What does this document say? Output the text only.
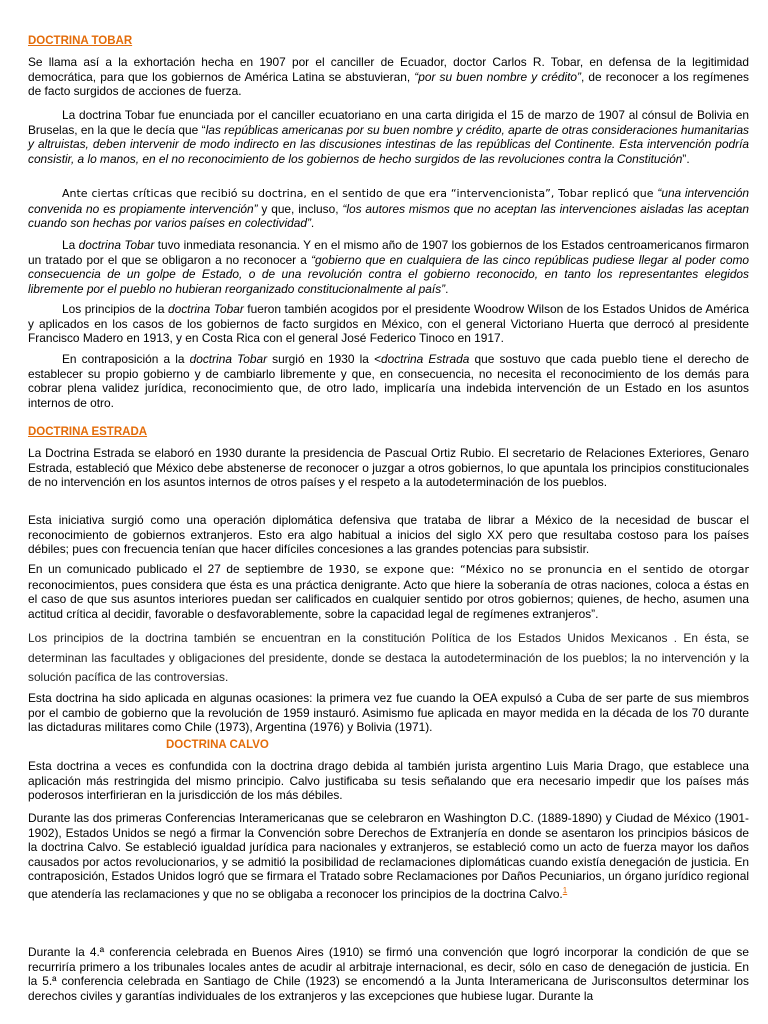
DOCTRINA TOBAR

Se llama así a la exhortación hecha en 1907 por el canciller de Ecuador, doctor Carlos R. Tobar, en defensa de la legitimidad democrática, para que los gobiernos de América Latina se abstuvieran, “por su buen nombre y crédito”, de reconocer a los regímenes de facto surgidos de acciones de fuerza.

La doctrina Tobar fue enunciada por el canciller ecuatoriano en una carta dirigida el 15 de marzo de 1907 al cónsul de Bolivia en Bruselas, en la que le decía que “las repúblicas americanas por su buen nombre y crédito, aparte de otras consideraciones humanitarias y altruistas, deben intervenir de modo indirecto en las discusiones intestinas de las repúblicas del Continente. Esta intervención podría consistir, a lo manos, en el no reconocimiento de los gobiernos de hecho surgidos de las revoluciones contra la Constitución”.

Ante ciertas críticas que recibió su doctrina, en el sentido de que era “intervencionista”, Tobar replicó que “una intervención convenida no es propiamente intervención” y que, incluso, “los autores mismos que no aceptan las intervenciones aisladas las aceptan cuando son hechas por varios países en colectividad”.

La doctrina Tobar tuvo inmediata resonancia. Y en el mismo año de 1907 los gobiernos de los Estados centroamericanos firmaron un tratado por el que se obligaron a no reconocer a “gobierno que en cualquiera de las cinco repúblicas pudiese llegar al poder como consecuencia de un golpe de Estado, o de una revolución contra el gobierno reconocido, en tanto los representantes elegidos libremente por el pueblo no hubieran reorganizado constitucionalmente al país”.

Los principios de la doctrina Tobar fueron también acogidos por el presidente Woodrow Wilson de los Estados Unidos de América y aplicados en los casos de los gobiernos de facto surgidos en México, con el general Victoriano Huerta que derrocó al presidente Francisco Madero en 1913, y en Costa Rica con el general José Federico Tinoco en 1917.

En contraposición a la doctrina Tobar surgió en 1930 la <doctrina Estrada que sostuvo que cada pueblo tiene el derecho de establecer su propio gobierno y de cambiarlo libremente y que, en consecuencia, no necesita el reconocimiento de los demás para cobrar plena validez jurídica, reconocimiento que, de otro lado, implicaría una indebida intervención de un Estado en los asuntos internos de otro.

DOCTRINA ESTRADA

La Doctrina Estrada se elaboró en 1930 durante la presidencia de Pascual Ortiz Rubio. El secretario de Relaciones Exteriores, Genaro Estrada, estableció que México debe abstenerse de reconocer o juzgar a otros gobiernos, lo que apuntala los principios constitucionales de no intervención en los asuntos internos de otros países y el respeto a la autodeterminación de los pueblos.

Esta iniciativa surgió como una operación diplomática defensiva que trataba de librar a México de la necesidad de buscar el reconocimiento de gobiernos extranjeros. Esto era algo habitual a inicios del siglo XX pero que resultaba costoso para los países débiles; pues con frecuencia tenían que hacer difíciles concesiones a las grandes potencias para subsistir.

En un comunicado publicado el 27 de septiembre de 1930, se expone que: “México no se pronuncia en el sentido de otorgar reconocimientos, pues considera que ésta es una práctica denigrante. Acto que hiere la soberanía de otras naciones, coloca a éstas en el caso de que sus asuntos interiores puedan ser calificados en cualquier sentido por otros gobiernos; quienes, de hecho, asumen una actitud crítica al decidir, favorable o desfavorablemente, sobre la capacidad legal de regímenes extranjeros”.

Los principios de la doctrina también se encuentran en la constitución Política de los Estados Unidos Mexicanos . En ésta, se determinan las facultades y obligaciones del presidente, donde se destaca la autodeterminación de los pueblos; la no intervención y la solución pacífica de las controversias.

Esta doctrina ha sido aplicada en algunas ocasiones: la primera vez fue cuando la OEA expulsó a Cuba de ser parte de sus miembros por el cambio de gobierno que la revolución de 1959 instauró. Asimismo fue aplicada en mayor medida en la década de los 70 durante las dictaduras militares como Chile (1973), Argentina (1976) y Bolivia (1971).

DOCTRINA CALVO

Esta doctrina a veces es confundida con la doctrina drago debida al también jurista argentino Luis Maria Drago, que establece una aplicación más restringida del mismo principio. Calvo justificaba su tesis señalando que era necesario impedir que los países más poderosos interfirieran en la jurisdicción de los más débiles.

Durante las dos primeras Conferencias Interamericanas que se celebraron en Washington D.C. (1889-1890) y Ciudad de México (1901-1902), Estados Unidos se negó a firmar la Convención sobre Derechos de Extranjería en donde se asentaron los principios básicos de la doctrina Calvo. Se estableció igualdad jurídica para nacionales y extranjeros, se estableció como un acto de fuerza mayor los daños causados por actos revolucionarios, y se admitió la posibilidad de reclamaciones diplomáticas cuando existía denegación de justicia. En contraposición, Estados Unidos logró que se firmara el Tratado sobre Reclamaciones por Daños Pecuniarios, un órgano jurídico regional que atendería las reclamaciones y que no se obligaba a reconocer los principios de la doctrina Calvo.$^1$

Durante la 4.ª conferencia celebrada en Buenos Aires (1910) se firmó una convención que logró incorporar la condición de que se recurriría primero a los tribunales locales antes de acudir al arbitraje internacional, es decir, sólo en caso de denegación de justicia. En la 5.ª conferencia celebrada en Santiago de Chile (1923) se encomendó a la Junta Interamericana de Jurisconsultos determinar los derechos civiles y garantías individuales de los extranjeros y las excepciones que hubiese lugar. Durante la
